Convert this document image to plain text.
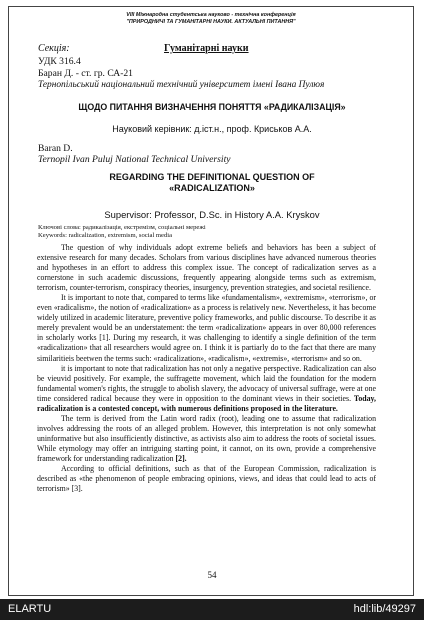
VIII Міжнародна студентська науково - технічна конференція
"ПРИРОДНИЧІ ТА ГУМАНІТАРНІ НАУКИ. АКТУАЛЬНІ ПИТАННЯ"
Секція:	Гуманітарні науки
УДК 316.4
Баран Д. - ст. гр. СА-21
Тернопільський національний технічний університет імені Івана Пулюя
ЩОДО ПИТАННЯ ВИЗНАЧЕННЯ ПОНЯТТЯ «РАДИКАЛІЗАЦІЯ»
Науковий керівник: д.іст.н., проф. Криськов А.А.
Baran D.
Ternopil Ivan Puluj National Technical University
REGARDING THE DEFINITIONAL QUESTION OF
«RADICALIZATION»
Supervisor: Professor, D.Sc. in History A.A. Kryskov
Ключові слова: радикалізація, екстремізм, соціальні мережі
Keywords: radicalization, extremism, social media

The question of why individuals adopt extreme beliefs and behaviors has been a subject of extensive research for many decades. Scholars from various disciplines have advanced numerous theories and hypotheses in an effort to address this complex issue. The concept of radicalization serves as a cornerstone in such academic discussions, frequently appearing alongside terms such as extremism, terrorism, counter-terrorism, conspiracy theories, insurgency, prevention strategies, and societal resilience.

It is important to note that, compared to terms like «fundamentalism», «extremism», «terrorism», or even «radicalism», the notion of «radicalization» as a process is relatively new. Nevertheless, it has become widely utilized in academic literature, preventive policy frameworks, and public discourse. To describe it as merely prevalent would be an understatement: the term «radicalization» appears in over 80,000 references in scholarly works [1]. During my research, it was challenging to identify a single definition of the term «radicalization» that all researchers would agree on. I think it is partiarly do to the fact that there are many similaritieis beetwen the terms such: «radicalization», «radicalism», «extremis», «terrorism» and so on.

it is important to note that radicalization has not only a negative perspective. Radicalization can also be vieuvid positively. For example, the suffragette movement, which laid the foundation for the modern fundamental women's rights, the struggle to abolish slavery, the advocacy of universal suffrage, were at one time considered radical because they were in opposition to the dominant views in their societies. Today, radicalization is a contested concept, with numerous definitions proposed in the literature.

The term is derived from the Latin word radix (root), leading one to assume that radicalization involves addressing the roots of an alleged problem. However, this interpretation is not only somewhat uninformative but also insufficiently distinctive, as activists also aim to address the roots of societal issues. While etymology may offer an intriguing starting point, it cannot, on its own, provide a comprehensive framework for understanding radicalization [2].

According to official definitions, such as that of the European Commission, radicalization is described as «the phenomenon of people embracing opinions, views, and ideas that could lead to acts of terrorism» [3].

54
ELARTU	hdl:lib/49297
